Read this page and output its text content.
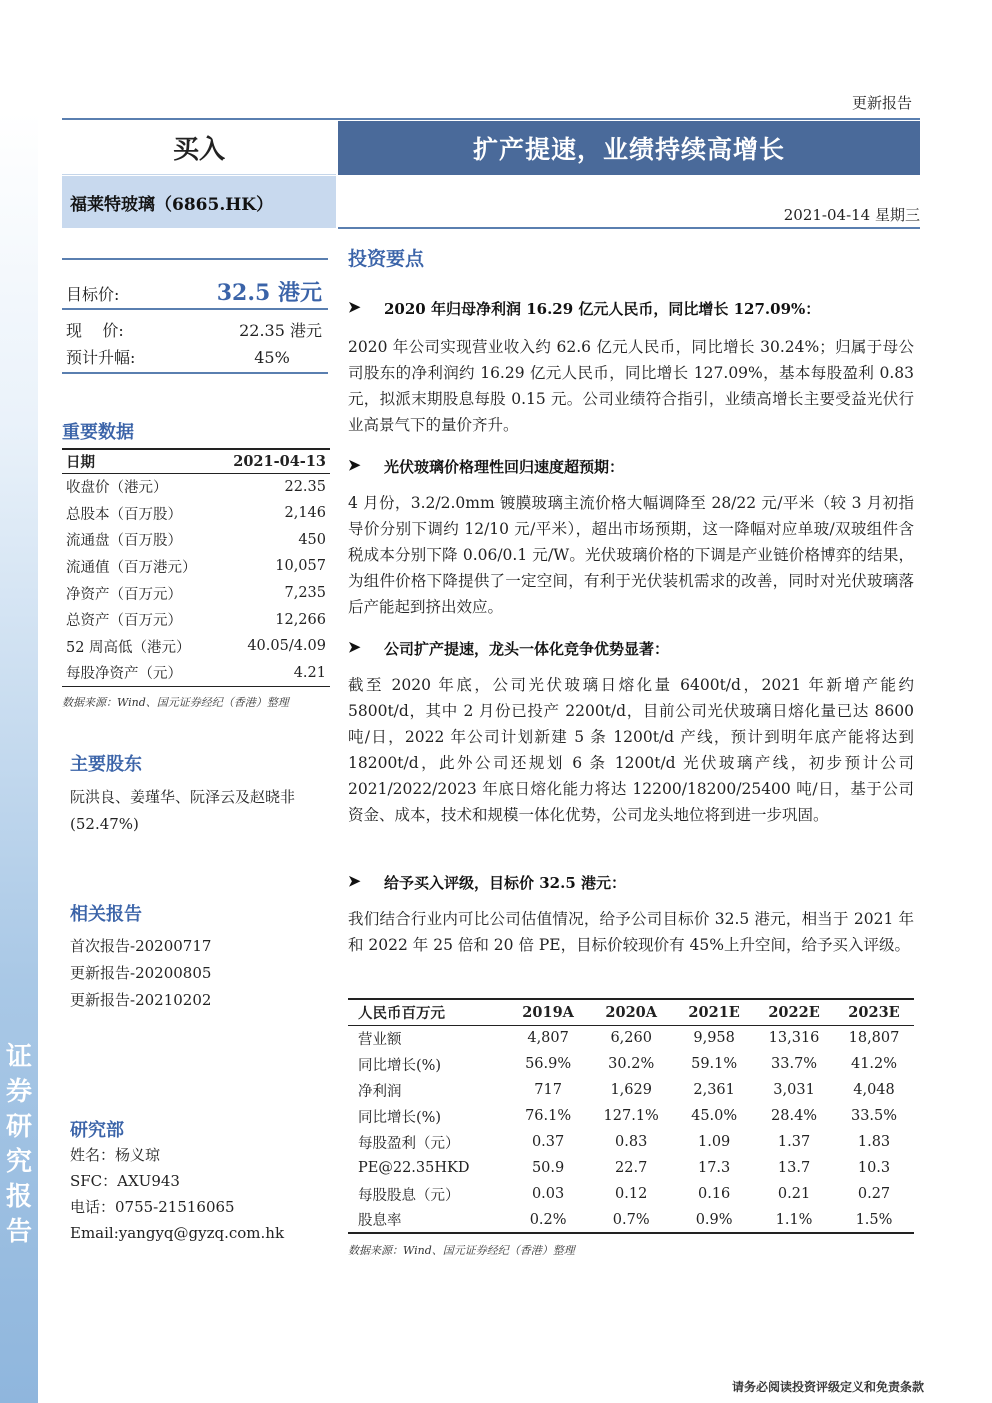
证
券
研
究
报
告
更新报告
买入	扩产提速，业绩持续高增长
福莱特玻璃（6865.HK）
2021-04-14 星期三
目标价:	32.5 港元
现    价:	22.35 港元
预计升幅:	45%
重要数据
日期	2021-04-13
收盘价（港元）	22.35
总股本（百万股）	2,146
流通盘（百万股）	450
流通值（百万港元）	10,057
净资产（百万元）	7,235
总资产（百万元）	12,266
52 周高低（港元）	40.05/4.09
每股净资产（元）	4.21
数据来源：Wind、国元证券经纪（香港）整理
主要股东
阮洪良、姜瑾华、阮泽云及赵晓非
(52.47%)
相关报告
首次报告-20200717
更新报告-20200805
更新报告-20210202
研究部
姓名：杨义琼
SFC：AXU943
电话：0755-21516065
Email:yangyq@gyzq.com.hk
投资要点
➤	2020 年归母净利润 16.29 亿元人民币，同比增长 127.09%：
2020 年公司实现营业收入约 62.6 亿元人民币，同比增长 30.24%；归属于母公司股东的净利润约 16.29 亿元人民币，同比增长 127.09%，基本每股盈利 0.83 元，拟派末期股息每股 0.15 元。公司业绩符合指引，业绩高增长主要受益光伏行业高景气下的量价齐升。
➤	光伏玻璃价格理性回归速度超预期：
4 月份，3.2/2.0mm 镀膜玻璃主流价格大幅调降至 28/22 元/平米（较 3 月初指导价分别下调约 12/10 元/平米），超出市场预期，这一降幅对应单玻/双玻组件含税成本分别下降 0.06/0.1 元/W。光伏玻璃价格的下调是产业链价格博弈的结果，为组件价格下降提供了一定空间，有利于光伏装机需求的改善，同时对光伏玻璃落后产能起到挤出效应。
➤	公司扩产提速，龙头一体化竞争优势显著：
截至 2020 年底，公司光伏玻璃日熔化量 6400t/d，2021 年新增产能约 5800t/d，其中 2 月份已投产 2200t/d，目前公司光伏玻璃日熔化量已达 8600 吨/日，2022 年公司计划新建 5 条 1200t/d 产线，预计到明年底产能将达到 18200t/d，此外公司还规划 6 条 1200t/d 光伏玻璃产线，初步预计公司 2021/2022/2023 年底日熔化能力将达 12200/18200/25400 吨/日，基于公司资金、成本，技术和规模一体化优势，公司龙头地位将到进一步巩固。
➤	给予买入评级，目标价 32.5 港元：
我们结合行业内可比公司估值情况，给予公司目标价 32.5 港元，相当于 2021 年和 2022 年 25 倍和 20 倍 PE，目标价较现价有 45%上升空间，给予买入评级。
人民币百万元	2019A	2020A	2021E	2022E	2023E
营业额	4,807	6,260	9,958	13,316	18,807
同比增长(%)	56.9%	30.2%	59.1%	33.7%	41.2%
净利润	717	1,629	2,361	3,031	4,048
同比增长(%)	76.1%	127.1%	45.0%	28.4%	33.5%
每股盈利（元）	0.37	0.83	1.09	1.37	1.83
PE@22.35HKD	50.9	22.7	17.3	13.7	10.3
每股股息（元）	0.03	0.12	0.16	0.21	0.27
股息率	0.2%	0.7%	0.9%	1.1%	1.5%
数据来源：Wind、国元证券经纪（香港）整理
请务必阅读投资评级定义和免责条款
